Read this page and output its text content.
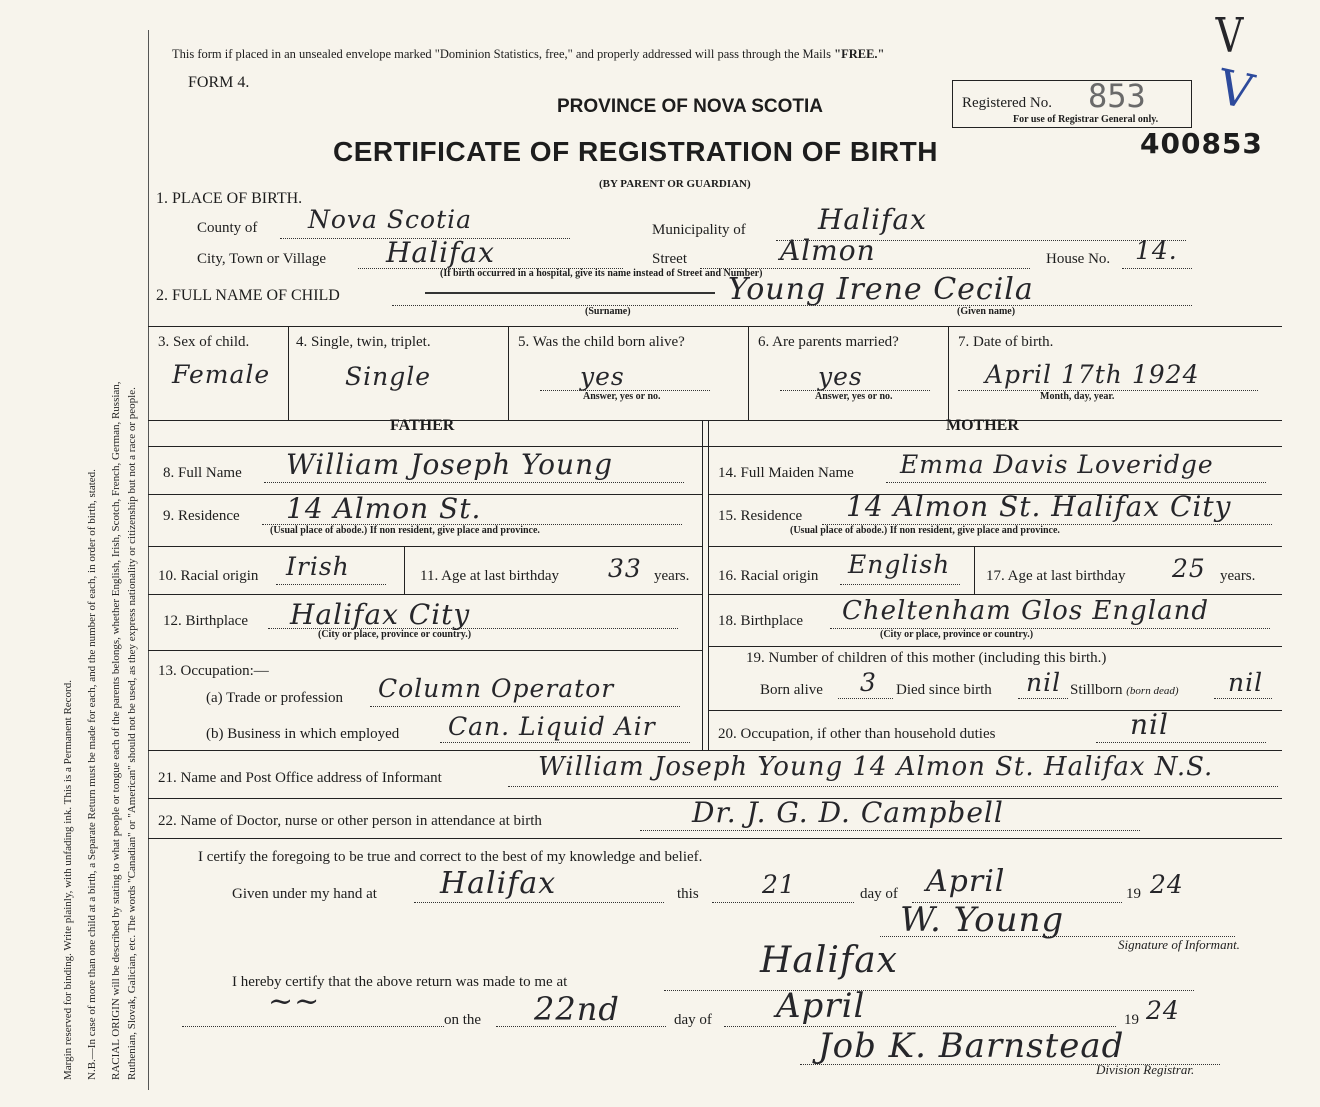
Margin reserved for binding. Write plainly, with unfading ink. This is a Permanent Record. N.B.—In case of more than one child at a birth, a Separate Return must be made for each, and the number of each, in order of birth, stated. RACIAL ORIGIN will be described by stating to what people or tongue each of the parents belongs, whether English, Irish, Scotch, French, German, Russian, Ruthenian, Slovak, Galician, etc. The words "Canadian" or "American" should not be used, as they express nationality or citizenship but not a race or people.
This form if placed in an unsealed envelope marked "Dominion Statistics, free," and properly addressed will pass through the Mails "FREE."
FORM 4.
PROVINCE OF NOVA SCOTIA
CERTIFICATE OF REGISTRATION OF BIRTH
(BY PARENT OR GUARDIAN)
Registered No. 853
For use of Registrar General only.
400853
V
V
1. PLACE OF BIRTH.
County of Nova Scotia	Municipality of	Halifax
City, Town or Village Halifax	Street	Almon
(If birth occurred in a hospital, give its name instead of Street and Number)
House No. 14.
2. FULL NAME OF CHILD	Young Irene Cecila
(Surname)	(Given name)
3. Sex of child.
Female
4. Single, twin, triplet.
Single
5. Was the child born alive?
yes
Answer, yes or no.
6. Are parents married?
yes
Answer, yes or no.
7. Date of birth.
April 17th 1924
Month, day, year.
FATHER	MOTHER
8. Full Name William Joseph Young
9. Residence 14 Almon St.
(Usual place of abode.) If non resident, give place and province.
10. Racial origin Irish	11. Age at last birthday 33 years.
12. Birthplace Halifax City
(City or place, province or country.)
13. Occupation:—
(a) Trade or profession Column Operator
(b) Business in which employed Can. Liquid Air
14. Full Maiden Name Emma Davis Loveridge
15. Residence 14 Almon St. Halifax City
(Usual place of abode.) If non resident, give place and province.
16. Racial origin English 17. Age at last birthday 25 years.
18. Birthplace Cheltenham Glos England
(City or place, province or country.)
19. Number of children of this mother (including this birth.)
Born alive 3 Died since birth nil Stillborn (born dead) nil
20. Occupation, if other than household duties	nil
21. Name and Post Office address of Informant	William Joseph Young 14 Almon St. Halifax N.S.
22. Name of Doctor, nurse or other person in attendance at birth	Dr. J. G. D. Campbell
I certify the foregoing to be true and correct to the best of my knowledge and belief.
Given under my hand at Halifax	this	21	day of April	19 24
W. Young
Signature of Informant.
I hereby certify that the above return was made to me at
Halifax
~~
on the 22nd	day of April	19 24
Job K. Barnstead
Division Registrar.
